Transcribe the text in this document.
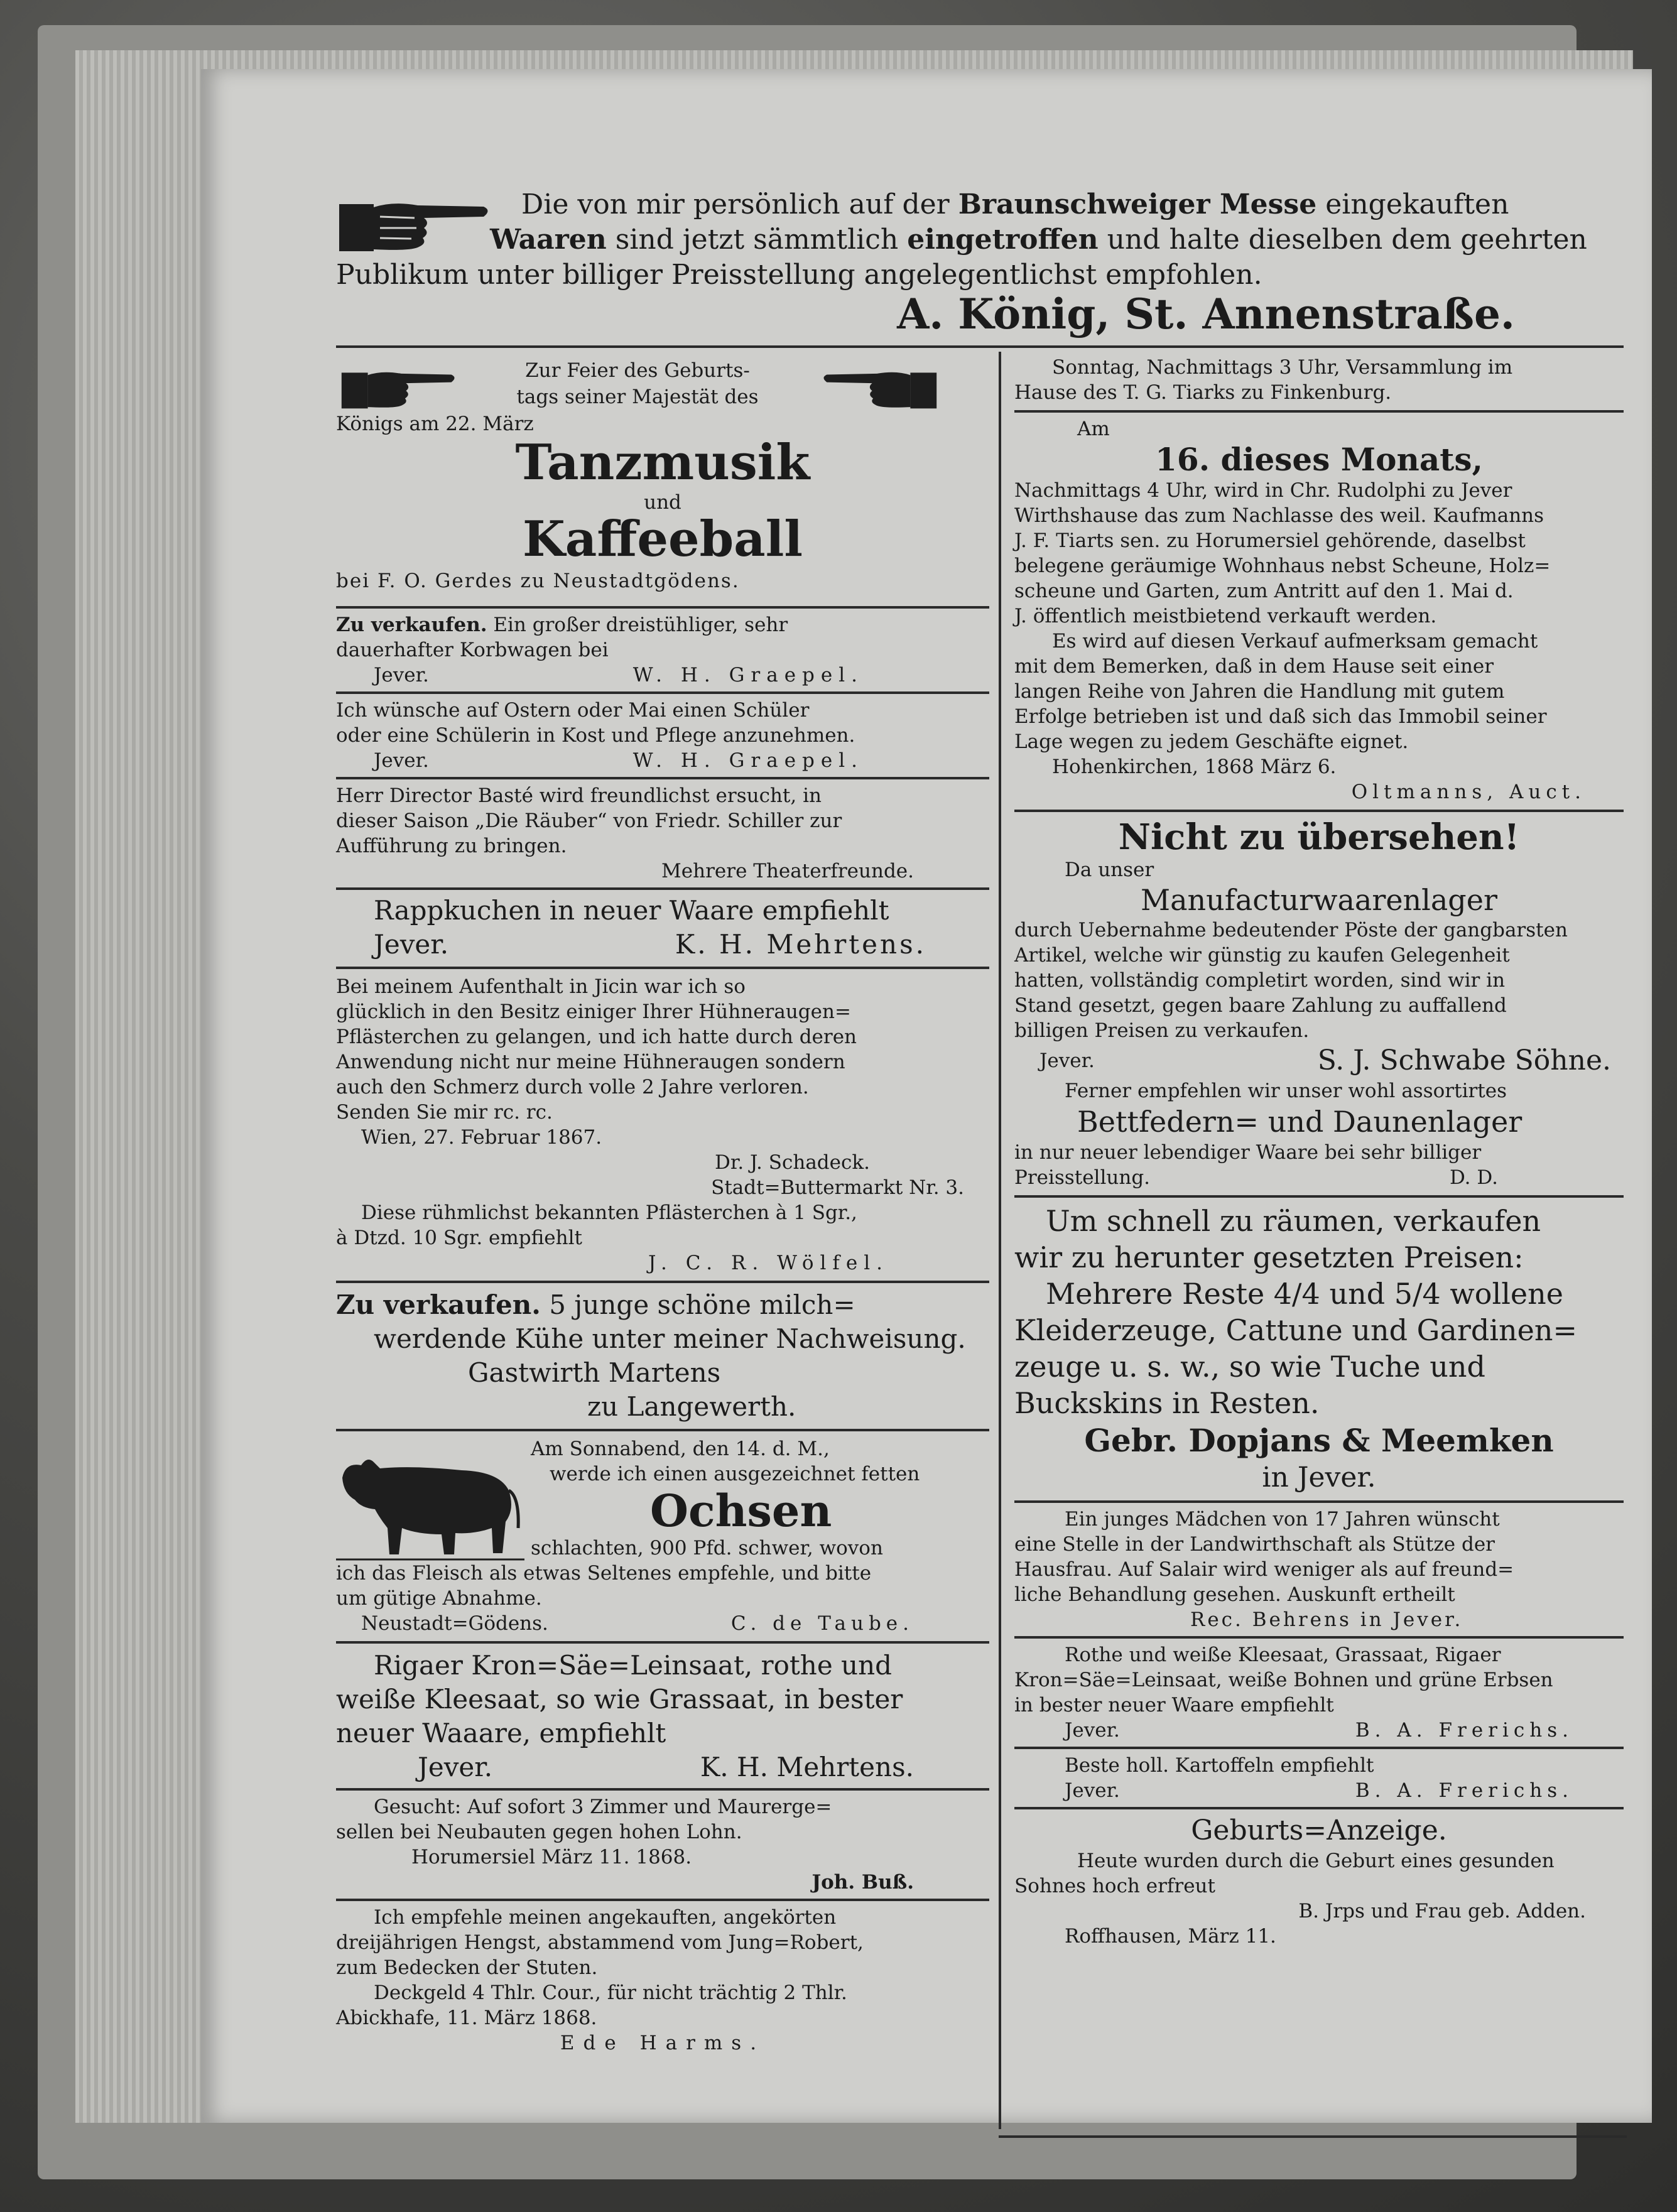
Die von mir persönlich auf der Braunschweiger Messe eingekauften
Waaren sind jetzt sämmtlich eingetroffen und halte dieselben dem geehrten
Publikum unter billiger Preisstellung angelegentlichst empfohlen.
A. König, St. Annenstraße.
Zur Feier des Geburts-
tags seiner Majestät des
Königs am 22. März
Tanzmusik
und
Kaffeeball
bei F. O. Gerdes zu Neustadtgödens.
Zu verkaufen. Ein großer dreistühliger, sehr
dauerhafter Korbwagen bei
Jever.	W. H. Graepel.
Ich wünsche auf Ostern oder Mai einen Schüler
oder eine Schülerin in Kost und Pflege anzunehmen.
Jever.	W. H. Graepel.
Herr Director Basté wird freundlichst ersucht, in
dieser Saison „Die Räuber“ von Friedr. Schiller zur
Aufführung zu bringen.
Mehrere Theaterfreunde.
Rappkuchen in neuer Waare empfiehlt
Jever.	K. H. Mehrtens.
Bei meinem Aufenthalt in Jicin war ich so
glücklich in den Besitz einiger Ihrer Hühneraugen=
Pflästerchen zu gelangen, und ich hatte durch deren
Anwendung nicht nur meine Hühneraugen sondern
auch den Schmerz durch volle 2 Jahre verloren.
Senden Sie mir rc. rc.
Wien, 27. Februar 1867.
Dr. J. Schadeck.
Stadt=Buttermarkt Nr. 3.
Diese rühmlichst bekannten Pflästerchen à 1 Sgr.,
à Dtzd. 10 Sgr. empfiehlt
J. C. R. Wölfel.
Zu verkaufen. 5 junge schöne milch=
werdende Kühe unter meiner Nachweisung.
Gastwirth Martens
zu Langewerth.
Am Sonnabend, den 14. d. M.,
werde ich einen ausgezeichnet fetten
Ochsen
schlachten, 900 Pfd. schwer, wovon
ich das Fleisch als etwas Seltenes empfehle, und bitte
um gütige Abnahme.
Neustadt=Gödens.	C. de Taube.
Rigaer Kron=Säe=Leinsaat, rothe und
weiße Kleesaat, so wie Grassaat, in bester
neuer Waaare, empfiehlt
Jever.	K. H. Mehrtens.
Gesucht: Auf sofort 3 Zimmer und Maurerge=
sellen bei Neubauten gegen hohen Lohn.
Horumersiel März 11. 1868.
Joh. Buß.
Ich empfehle meinen angekauften, angekörten
dreijährigen Hengst, abstammend vom Jung=Robert,
zum Bedecken der Stuten.
Deckgeld 4 Thlr. Cour., für nicht trächtig 2 Thlr.
Abickhafe, 11. März 1868.
Ede Harms.
Sonntag, Nachmittags 3 Uhr, Versammlung im
Hause des T. G. Tiarks zu Finkenburg.
Am
16. dieses Monats,
Nachmittags 4 Uhr, wird in Chr. Rudolphi zu Jever
Wirthshause das zum Nachlasse des weil. Kaufmanns
J. F. Tiarts sen. zu Horumersiel gehörende, daselbst
belegene geräumige Wohnhaus nebst Scheune, Holz=
scheune und Garten, zum Antritt auf den 1. Mai d.
J. öffentlich meistbietend verkauft werden.
Es wird auf diesen Verkauf aufmerksam gemacht
mit dem Bemerken, daß in dem Hause seit einer
langen Reihe von Jahren die Handlung mit gutem
Erfolge betrieben ist und daß sich das Immobil seiner
Lage wegen zu jedem Geschäfte eignet.
Hohenkirchen, 1868 März 6.
Oltmanns, Auct.
Nicht zu übersehen!
Da unser
Manufacturwaarenlager
durch Uebernahme bedeutender Pöste der gangbarsten
Artikel, welche wir günstig zu kaufen Gelegenheit
hatten, vollständig completirt worden, sind wir in
Stand gesetzt, gegen baare Zahlung zu auffallend
billigen Preisen zu verkaufen.
Jever.	S. J. Schwabe Söhne.
Ferner empfehlen wir unser wohl assortirtes
Bettfedern= und Daunenlager
in nur neuer lebendiger Waare bei sehr billiger
Preisstellung.	D. D.
Um schnell zu räumen, verkaufen
wir zu herunter gesetzten Preisen:
Mehrere Reste 4/4 und 5/4 wollene
Kleiderzeuge, Cattune und Gardinen=
zeuge u. s. w., so wie Tuche und
Buckskins in Resten.
Gebr. Dopjans & Meemken
in Jever.
Ein junges Mädchen von 17 Jahren wünscht
eine Stelle in der Landwirthschaft als Stütze der
Hausfrau. Auf Salair wird weniger als auf freund=
liche Behandlung gesehen. Auskunft ertheilt
Rec. Behrens in Jever.
Rothe und weiße Kleesaat, Grassaat, Rigaer
Kron=Säe=Leinsaat, weiße Bohnen und grüne Erbsen
in bester neuer Waare empfiehlt
Jever.	B. A. Frerichs.
Beste holl. Kartoffeln empfiehlt
Jever.	B. A. Frerichs.
Geburts=Anzeige.
Heute wurden durch die Geburt eines gesunden
Sohnes hoch erfreut
B. Jrps und Frau geb. Adden.
Roffhausen, März 11.
